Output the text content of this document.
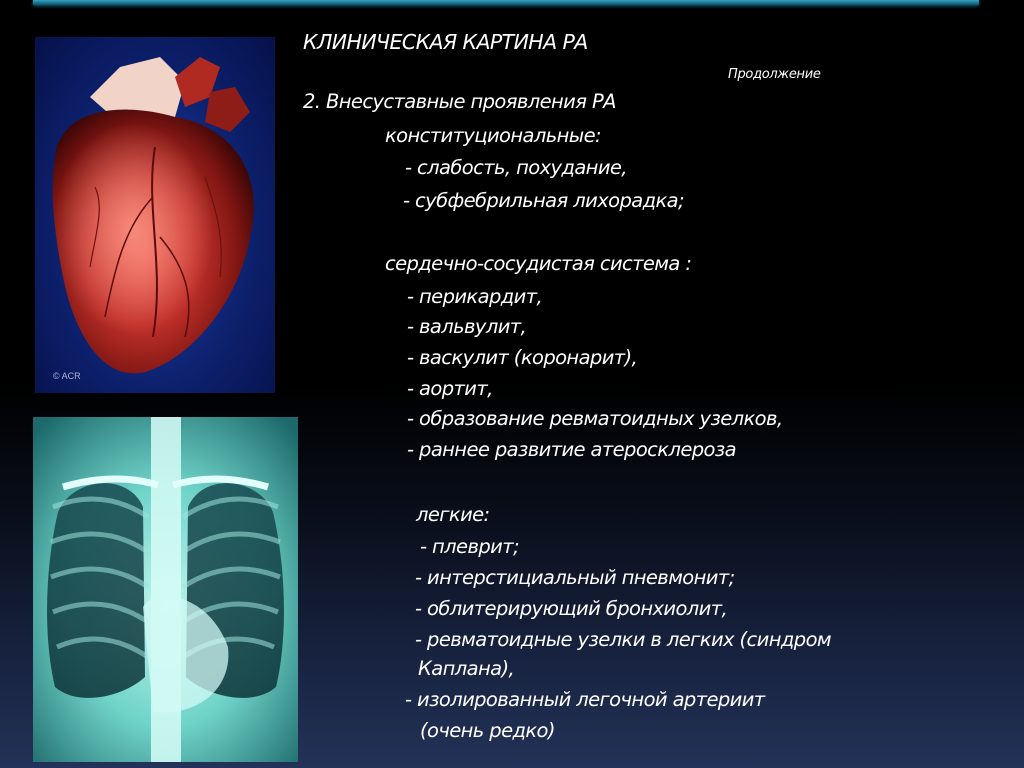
© ACR
КЛИНИЧЕСКАЯ КАРТИНА РА
Продолжение
2. Внесуставные проявления РА
конституциональные:
- слабость, похудание,
- субфебрильная лихорадка;
сердечно-сосудистая система :
- перикардит,
- вальвулит,
- васкулит (коронарит),
- аортит,
- образование ревматоидных узелков,
- раннее развитие атеросклероза
легкие:
- плеврит;
- интерстициальный пневмонит;
- облитерирующий бронхиолит,
- ревматоидные узелки в легких (синдром
Каплана),
- изолированный легочной артериит
(очень редко)
